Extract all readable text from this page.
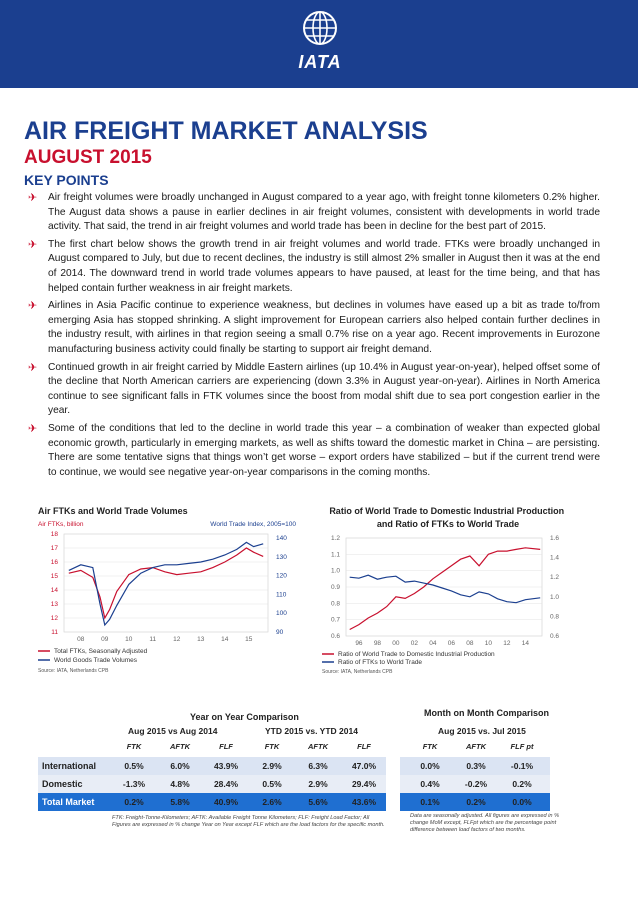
IATA
AIR FREIGHT MARKET ANALYSIS
AUGUST 2015
KEY POINTS
✈ Air freight volumes were broadly unchanged in August compared to a year ago, with freight tonne kilometers 0.2% higher. The August data shows a pause in earlier declines in air freight volumes, consistent with developments in world trade activity. That said, the trend in air freight volumes and world trade has been in decline for the best part of 2015.
✈ The first chart below shows the growth trend in air freight volumes and world trade. FTKs were broadly unchanged in August compared to July, but due to recent declines, the industry is still almost 2% smaller in August then it was at the end of 2014. The downward trend in world trade volumes appears to have paused, at least for the time being, and that has helped contain further weakness in air freight markets.
✈ Airlines in Asia Pacific continue to experience weakness, but declines in volumes have eased up a bit as trade to/from emerging Asia has stopped shrinking. A slight improvement for European carriers also helped contain further declines in the industry result, with airlines in that region seeing a small 0.7% rise on a year ago. Recent improvements in Eurozone manufacturing business activity could finally be starting to support air freight demand.
✈ Continued growth in air freight carried by Middle Eastern airlines (up 10.4% in August year-on-year), helped offset some of the decline that North American carriers are experiencing (down 3.3% in August year-on-year). Airlines in North America continue to see significant falls in FTK volumes since the boost from modal shift due to sea port congestion earlier in the year.
✈ Some of the conditions that led to the decline in world trade this year – a combination of weaker than expected global economic growth, particularly in emerging markets, as well as shifts toward the domestic market in China – are persisting. There are some tentative signs that things won’t get worse – export orders have stabilized – but if the current trend were to continue, we would see negative year-on-year comparisons in the coming months.
Air FTKs and World Trade Volumes
Air FTKs, billion	World Trade Index, 2005=100
18
17
16
15
14
13
12
11
140
130
120
110
100
90
08	09	10	11	12	13	14	15
Total FTKs, Seasonally Adjusted
World Goods Trade Volumes
Source: IATA, Netherlands CPB
Ratio of World Trade to Domestic Industrial Production and Ratio of FTKs to World Trade
1.2
1.1
1.0
0.9
0.8
0.7
0.6
1.6
1.4
1.2
1.0
0.8
0.6
96 98 00 02 04 06 08 10 12 14
Ratio of World Trade to Domestic Industrial Production
Ratio of FTKs to World Trade
Source: IATA, Netherlands CPB
Year on Year Comparison
Aug 2015 vs Aug 2014	YTD 2015 vs. YTD 2014
Month on Month Comparison
Aug 2015 vs. Jul 2015
FTK	AFTK	FLF	FTK	AFTK	FLF	FTK	AFTK	FLF pt
International	0.5%	6.0%	43.9%	2.9%	6.3%	47.0%
Domestic	-1.3%	4.8%	28.4%	0.5%	2.9%	29.4%
Total Market	0.2%	5.8%	40.9%	2.6%	5.6%	43.6%
0.0%	0.3%	-0.1%
0.4%	-0.2%	0.2%
0.1%	0.2%	0.0%
FTK: Freight-Tonne-Kilometers; AFTK: Available Freight Tonne Kilometers; FLF: Freight Load Factor; All Figures are expressed in % change Year on Year except FLF which are the load factors for the specific month.
Data are seasonally adjusted. All figures are expressed in % change MoM except, FLFpt which are the percentage point difference between load factors of two months.
